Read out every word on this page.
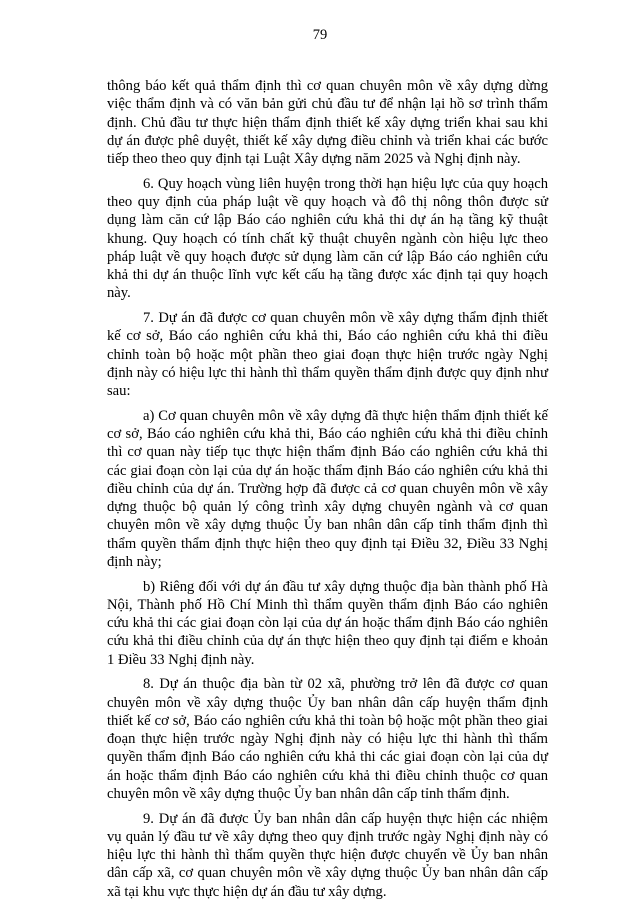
79

thông báo kết quả thẩm định thì cơ quan chuyên môn về xây dựng dừng việc thẩm định và có văn bản gửi chủ đầu tư để nhận lại hồ sơ trình thẩm định. Chủ đầu tư thực hiện thẩm định thiết kế xây dựng triển khai sau khi dự án được phê duyệt, thiết kế xây dựng điều chỉnh và triển khai các bước tiếp theo theo quy định tại Luật Xây dựng năm 2025 và Nghị định này.

6. Quy hoạch vùng liên huyện trong thời hạn hiệu lực của quy hoạch theo quy định của pháp luật về quy hoạch và đô thị nông thôn được sử dụng làm căn cứ lập Báo cáo nghiên cứu khả thi dự án hạ tầng kỹ thuật khung. Quy hoạch có tính chất kỹ thuật chuyên ngành còn hiệu lực theo pháp luật về quy hoạch được sử dụng làm căn cứ lập Báo cáo nghiên cứu khả thi dự án thuộc lĩnh vực kết cấu hạ tầng được xác định tại quy hoạch này.

7. Dự án đã được cơ quan chuyên môn về xây dựng thẩm định thiết kế cơ sở, Báo cáo nghiên cứu khả thi, Báo cáo nghiên cứu khả thi điều chỉnh toàn bộ hoặc một phần theo giai đoạn thực hiện trước ngày Nghị định này có hiệu lực thi hành thì thẩm quyền thẩm định được quy định như sau:

a) Cơ quan chuyên môn về xây dựng đã thực hiện thẩm định thiết kế cơ sở, Báo cáo nghiên cứu khả thi, Báo cáo nghiên cứu khả thi điều chỉnh thì cơ quan này tiếp tục thực hiện thẩm định Báo cáo nghiên cứu khả thi các giai đoạn còn lại của dự án hoặc thẩm định Báo cáo nghiên cứu khả thi điều chỉnh của dự án. Trường hợp đã được cả cơ quan chuyên môn về xây dựng thuộc bộ quản lý công trình xây dựng chuyên ngành và cơ quan chuyên môn về xây dựng thuộc Ủy ban nhân dân cấp tỉnh thẩm định thì thẩm quyền thẩm định thực hiện theo quy định tại Điều 32, Điều 33 Nghị định này;

b) Riêng đối với dự án đầu tư xây dựng thuộc địa bàn thành phố Hà Nội, Thành phố Hồ Chí Minh thì thẩm quyền thẩm định Báo cáo nghiên cứu khả thi các giai đoạn còn lại của dự án hoặc thẩm định Báo cáo nghiên cứu khả thi điều chỉnh của dự án thực hiện theo quy định tại điểm e khoản 1 Điều 33 Nghị định này.

8. Dự án thuộc địa bàn từ 02 xã, phường trở lên đã được cơ quan chuyên môn về xây dựng thuộc Ủy ban nhân dân cấp huyện thẩm định thiết kế cơ sở, Báo cáo nghiên cứu khả thi toàn bộ hoặc một phần theo giai đoạn thực hiện trước ngày Nghị định này có hiệu lực thi hành thì thẩm quyền thẩm định Báo cáo nghiên cứu khả thi các giai đoạn còn lại của dự án hoặc thẩm định Báo cáo nghiên cứu khả thi điều chỉnh thuộc cơ quan chuyên môn về xây dựng thuộc Ủy ban nhân dân cấp tỉnh thẩm định.

9. Dự án đã được Ủy ban nhân dân cấp huyện thực hiện các nhiệm vụ quản lý đầu tư về xây dựng theo quy định trước ngày Nghị định này có hiệu lực thi hành thì thẩm quyền thực hiện được chuyển về Ủy ban nhân dân cấp xã, cơ quan chuyên môn về xây dựng thuộc Ủy ban nhân dân cấp xã tại khu vực thực hiện dự án đầu tư xây dựng.
